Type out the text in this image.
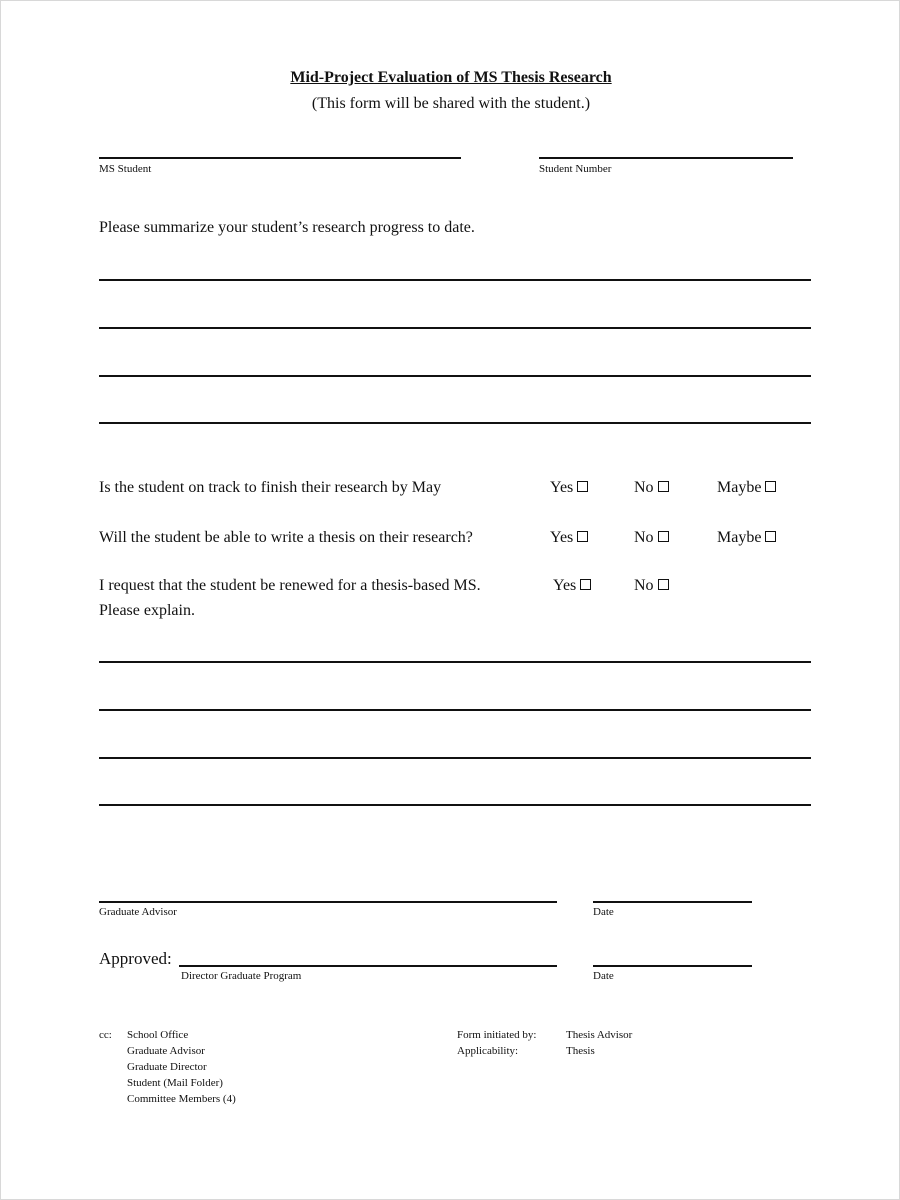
Mid-Project Evaluation of MS Thesis Research
(This form will be shared with the student.)
MS Student	Student Number
Please summarize your student’s research progress to date.
Is the student on track to finish their research by May	Yes	No	Maybe
Will the student be able to write a thesis on their research?	Yes	No	Maybe
I request that the student be renewed for a thesis-based MS.
Please explain.
Yes	No
Graduate Advisor	Date
Approved:
Director Graduate Program	Date
cc: School Office
Graduate Advisor
Graduate Director
Student (Mail Folder)
Committee Members (4)
Form initiated by:	Thesis Advisor
Applicability:	Thesis
